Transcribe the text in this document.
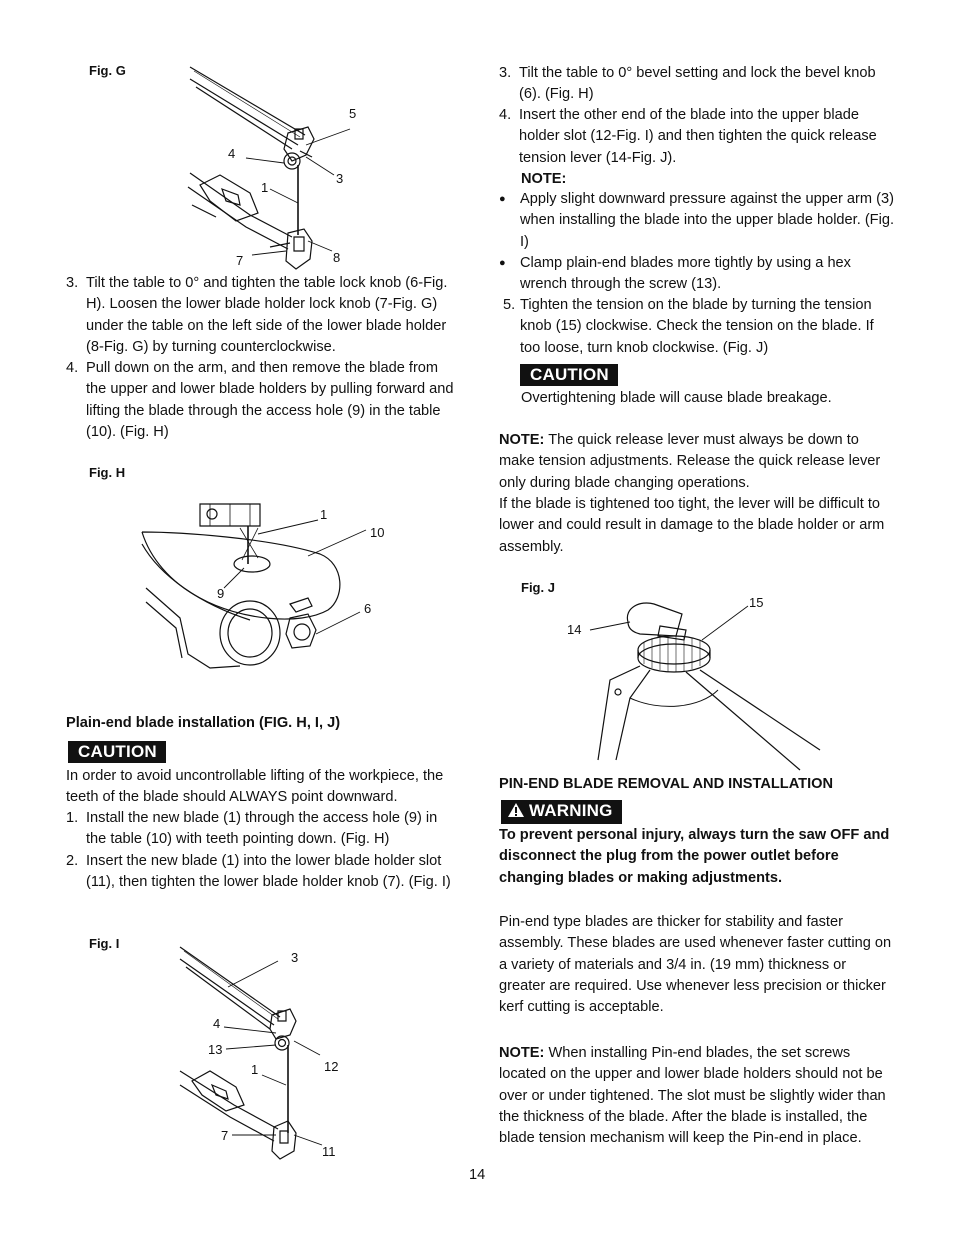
Fig. G
5
4
3
1
7	8
3. Tilt the table to 0° and tighten the table lock knob (6-Fig. H). Loosen the lower blade holder lock knob (7-Fig. G) under the table on the left side of the lower blade holder (8-Fig. G) by turning counterclockwise.
4. Pull down on the arm, and then remove the blade from the upper and lower blade holders by pulling forward and lifting the blade through the access hole (9) in the table (10). (Fig. H)
Fig. H
1
10
9
6
Plain-end blade installation (FIG. H, I, J)
CAUTION
In order to avoid uncontrollable lifting of the workpiece, the teeth of the blade should ALWAYS point downward.
1. Install the new blade (1) through the access hole (9) in the table (10) with teeth pointing down. (Fig. H)
2. Insert the new blade (1) into the lower blade holder slot (11), then tighten the lower blade holder knob (7). (Fig. I)
Fig. I
3
4
13
1	12
7
11
3. Tilt the table to 0° bevel setting and lock the bevel knob (6). (Fig. H)
4. Insert the other end of the blade into the upper blade holder slot (12-Fig. I) and then tighten the quick release tension lever (14-Fig. J).
NOTE:
● Apply slight downward pressure against the upper arm (3) when installing the blade into the upper blade holder. (Fig. I)
● Clamp plain-end blades more tightly by using a hex wrench through the screw (13).
5. Tighten the tension on the blade by turning the tension knob (15) clockwise. Check the tension on the blade. If too loose, turn knob clockwise. (Fig. J)
CAUTION
Overtightening blade will cause blade breakage.
NOTE: The quick release lever must always be down to make tension adjustments. Release the quick release lever only during blade changing operations.
If the blade is tightened too tight, the lever will be difficult to lower and could result in damage to the blade holder or arm assembly.
Fig. J
15
14
PIN-END BLADE REMOVAL AND INSTALLATION
WARNING
To prevent personal injury, always turn the saw OFF and disconnect the plug from the power outlet before changing blades or making adjustments.
Pin-end type blades are thicker for stability and faster assembly. These blades are used whenever faster cutting on a variety of materials and 3/4 in. (19 mm) thickness or greater are required. Use whenever less precision or thicker kerf cutting is acceptable.
NOTE: When installing Pin-end blades, the set screws located on the upper and lower blade holders should not be over or under tightened. The slot must be slightly wider than the thickness of the blade. After the blade is installed, the blade tension mechanism will keep the Pin-end in place.
14
